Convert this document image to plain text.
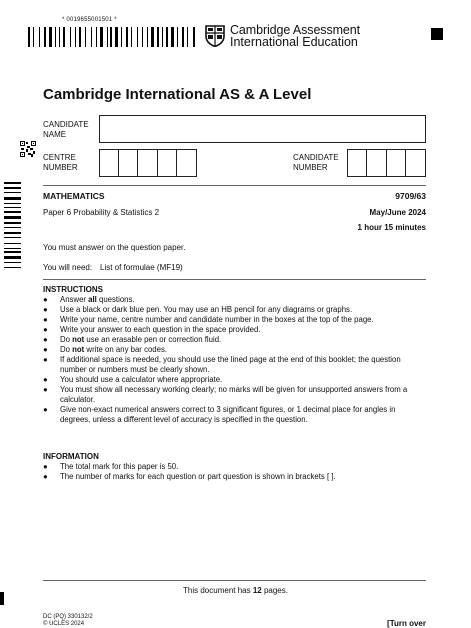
* 0019655001501 *
Cambridge Assessment
International Education
Cambridge International AS & A Level
CANDIDATE NAME
CENTRE NUMBER
CANDIDATE NUMBER
MATHEMATICS	9709/63
Paper 6 Probability & Statistics 2	May/June 2024
1 hour 15 minutes
You must answer on the question paper.
You will need: List of formulae (MF19)
INSTRUCTIONS
● Answer all questions.
● Use a black or dark blue pen. You may use an HB pencil for any diagrams or graphs.
● Write your name, centre number and candidate number in the boxes at the top of the page.
● Write your answer to each question in the space provided.
● Do not use an erasable pen or correction fluid.
● Do not write on any bar codes.
● If additional space is needed, you should use the lined page at the end of this booklet; the question number or numbers must be clearly shown.
● You should use a calculator where appropriate.
● You must show all necessary working clearly; no marks will be given for unsupported answers from a calculator.
● Give non-exact numerical answers correct to 3 significant figures, or 1 decimal place for angles in degrees, unless a different level of accuracy is specified in the question.
INFORMATION
● The total mark for this paper is 50.
● The number of marks for each question or part question is shown in brackets [ ].
This document has 12 pages.
DC (PQ) 330132/2
© UCLES 2024	[Turn over
